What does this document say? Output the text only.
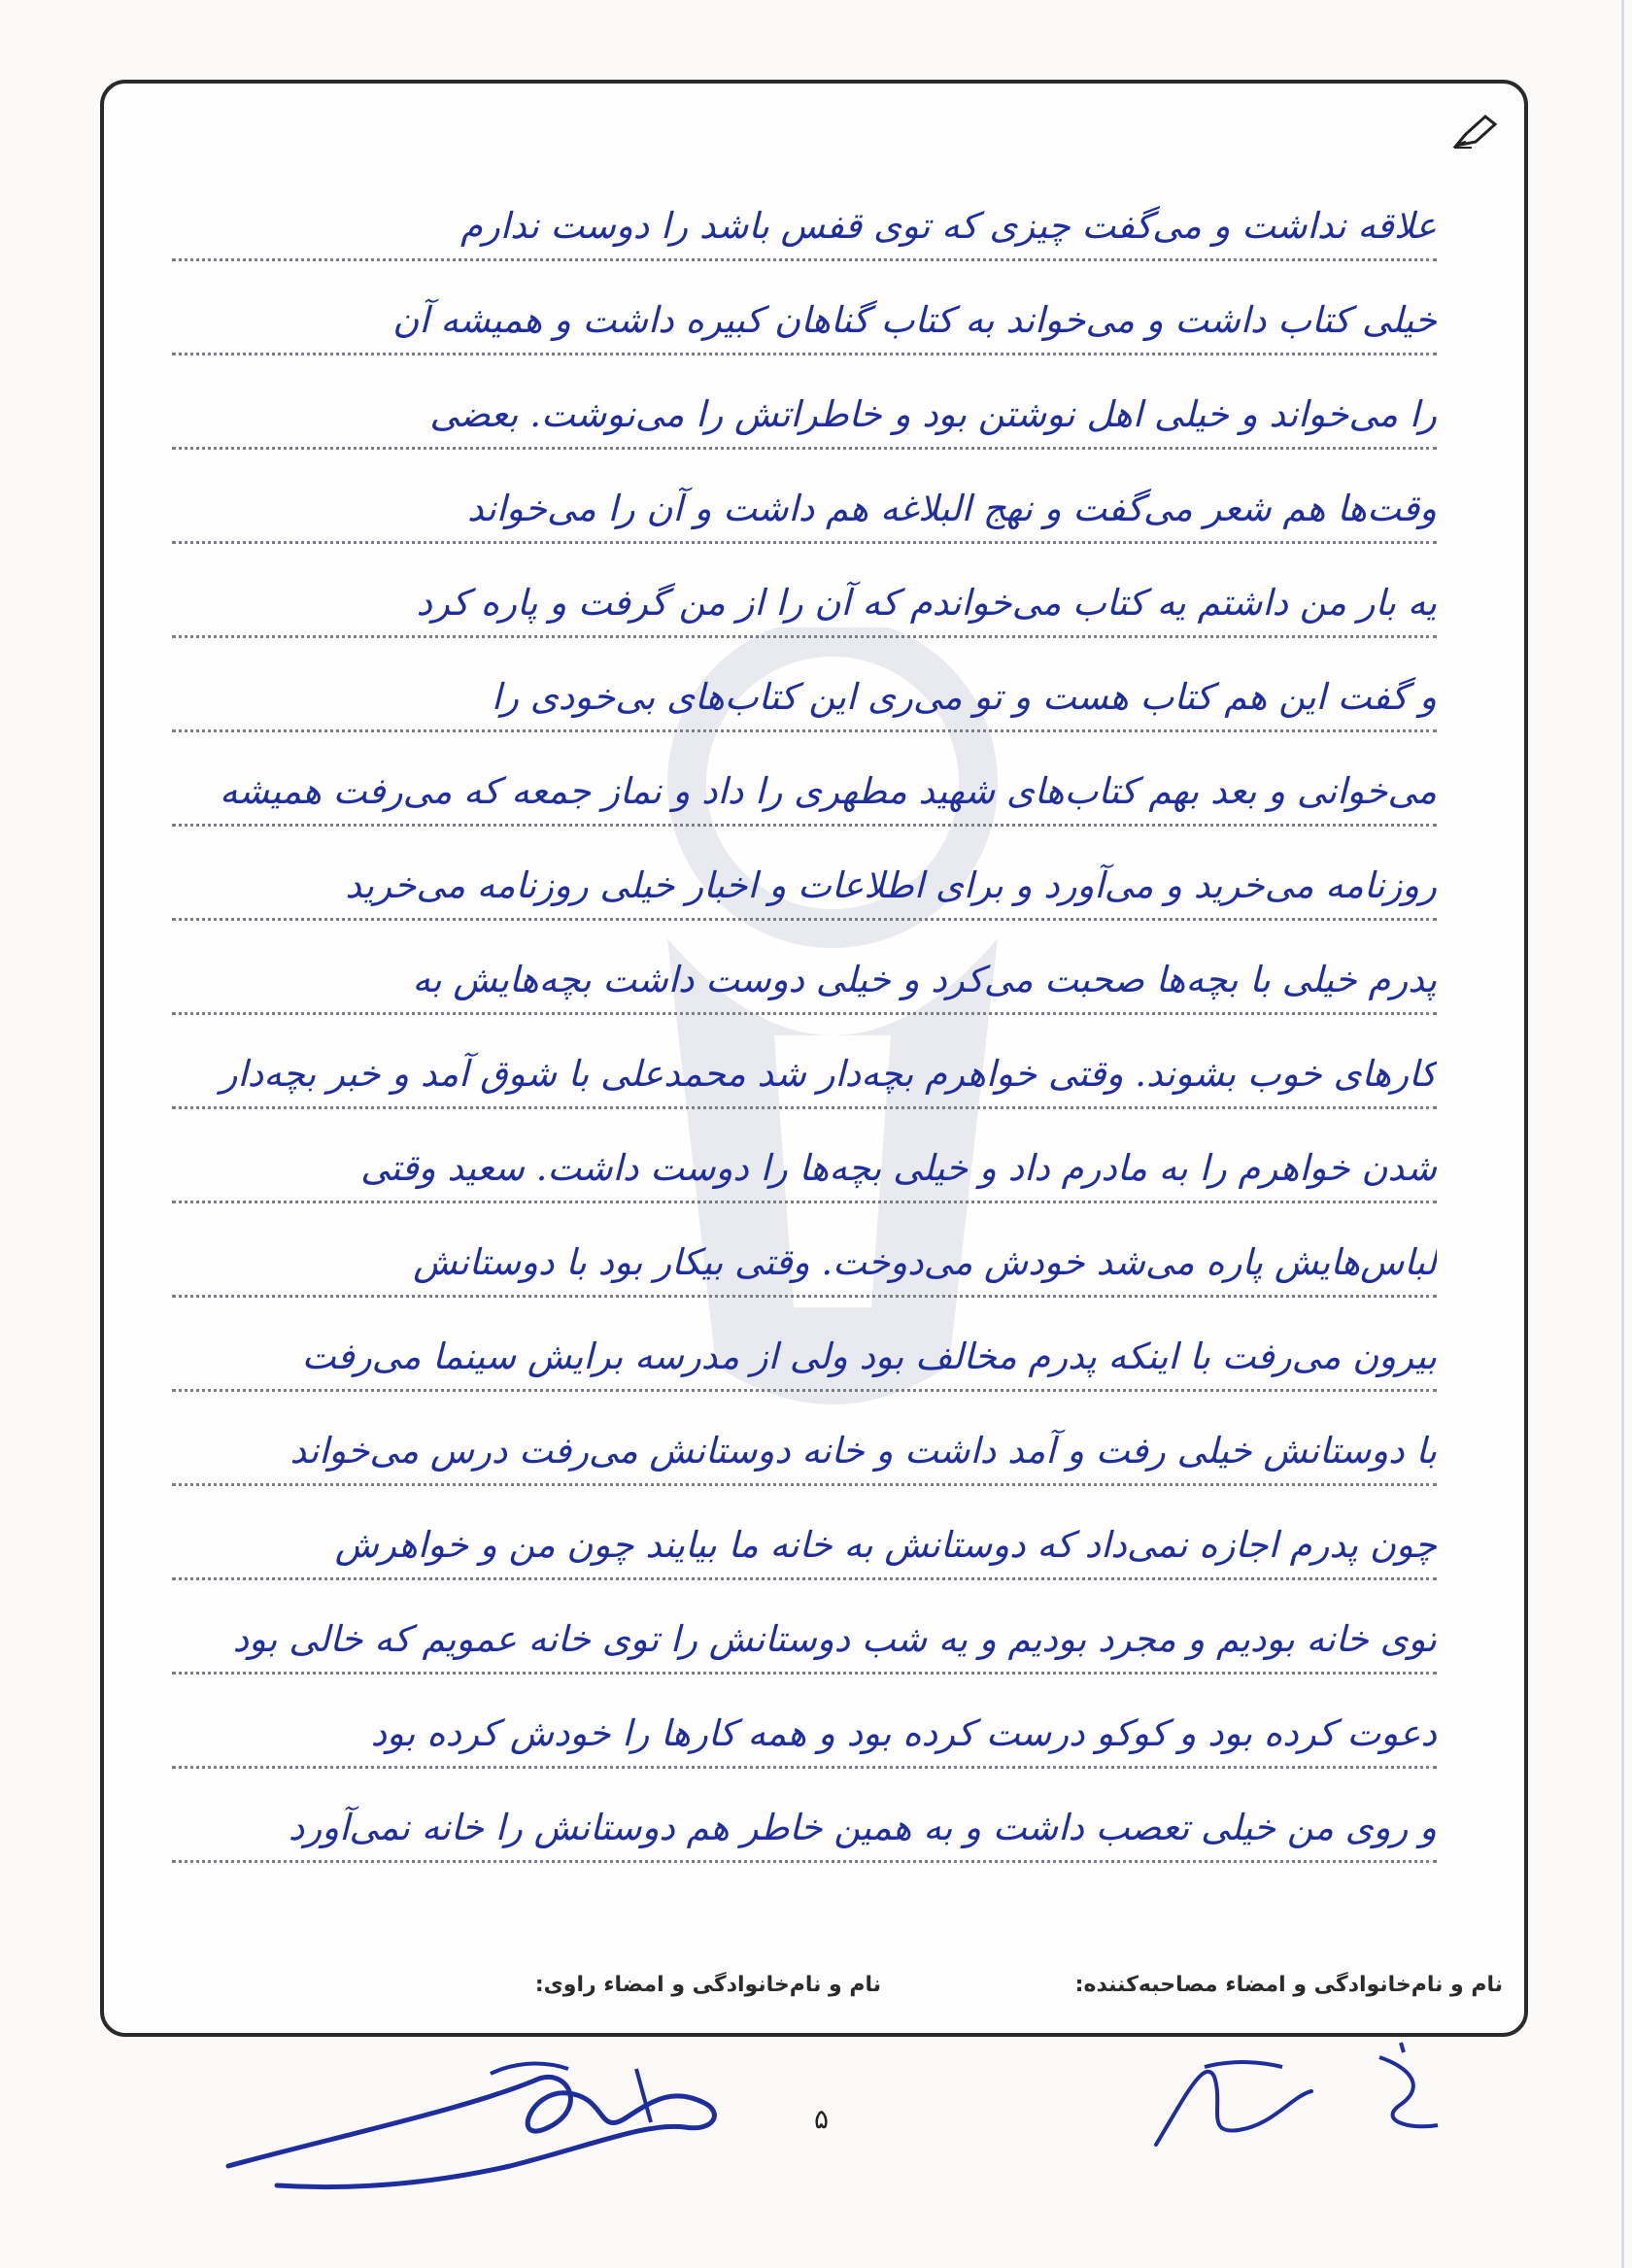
علاقه نداشت و می‌گفت چیزی که توی قفس باشد را دوست ندارم
خیلی کتاب داشت و می‌خواند به کتاب گناهان کبیره داشت و همیشه آن
را می‌خواند و خیلی اهل نوشتن بود و خاطراتش را می‌نوشت. بعضی
وقت‌ها هم شعر می‌گفت و نهج البلاغه هم داشت و آن را می‌خواند
یه بار من داشتم یه کتاب می‌خواندم که آن را از من گرفت و پاره کرد
و گفت این هم کتاب هست و تو می‌ری این کتاب‌های بی‌خودی را
می‌خوانی و بعد بهم کتاب‌های شهید مطهری را داد و نماز جمعه که می‌رفت همیشه
روزنامه می‌خرید و می‌آورد و برای اطلاعات و اخبار خیلی روزنامه می‌خرید
پدرم خیلی با بچه‌ها صحبت می‌کرد و خیلی دوست داشت بچه‌هایش به
کارهای خوب بشوند. وقتی خواهرم بچه‌دار شد محمدعلی با شوق آمد و خبر بچه‌دار
شدن خواهرم را به مادرم داد و خیلی بچه‌ها را دوست داشت. سعید وقتی
لباس‌هایش پاره می‌شد خودش می‌دوخت. وقتی بیکار بود با دوستانش
بیرون می‌رفت با اینکه پدرم مخالف بود ولی از مدرسه برایش سینما می‌رفت
با دوستانش خیلی رفت و آمد داشت و خانه دوستانش می‌رفت درس می‌خواند
چون پدرم اجازه نمی‌داد که دوستانش به خانه ما بیایند چون من و خواهرش
توی خانه بودیم و مجرد بودیم و یه شب دوستانش را توی خانه عمویم که خالی بود
دعوت کرده بود و کوکو درست کرده بود و همه کارها را خودش کرده بود
و روی من خیلی تعصب داشت و به همین خاطر هم دوستانش را خانه نمی‌آورد
نام و نام‌خانوادگی و امضاء مصاحبه‌کننده:
نام و نام‌خانوادگی و امضاء راوی:
۵
